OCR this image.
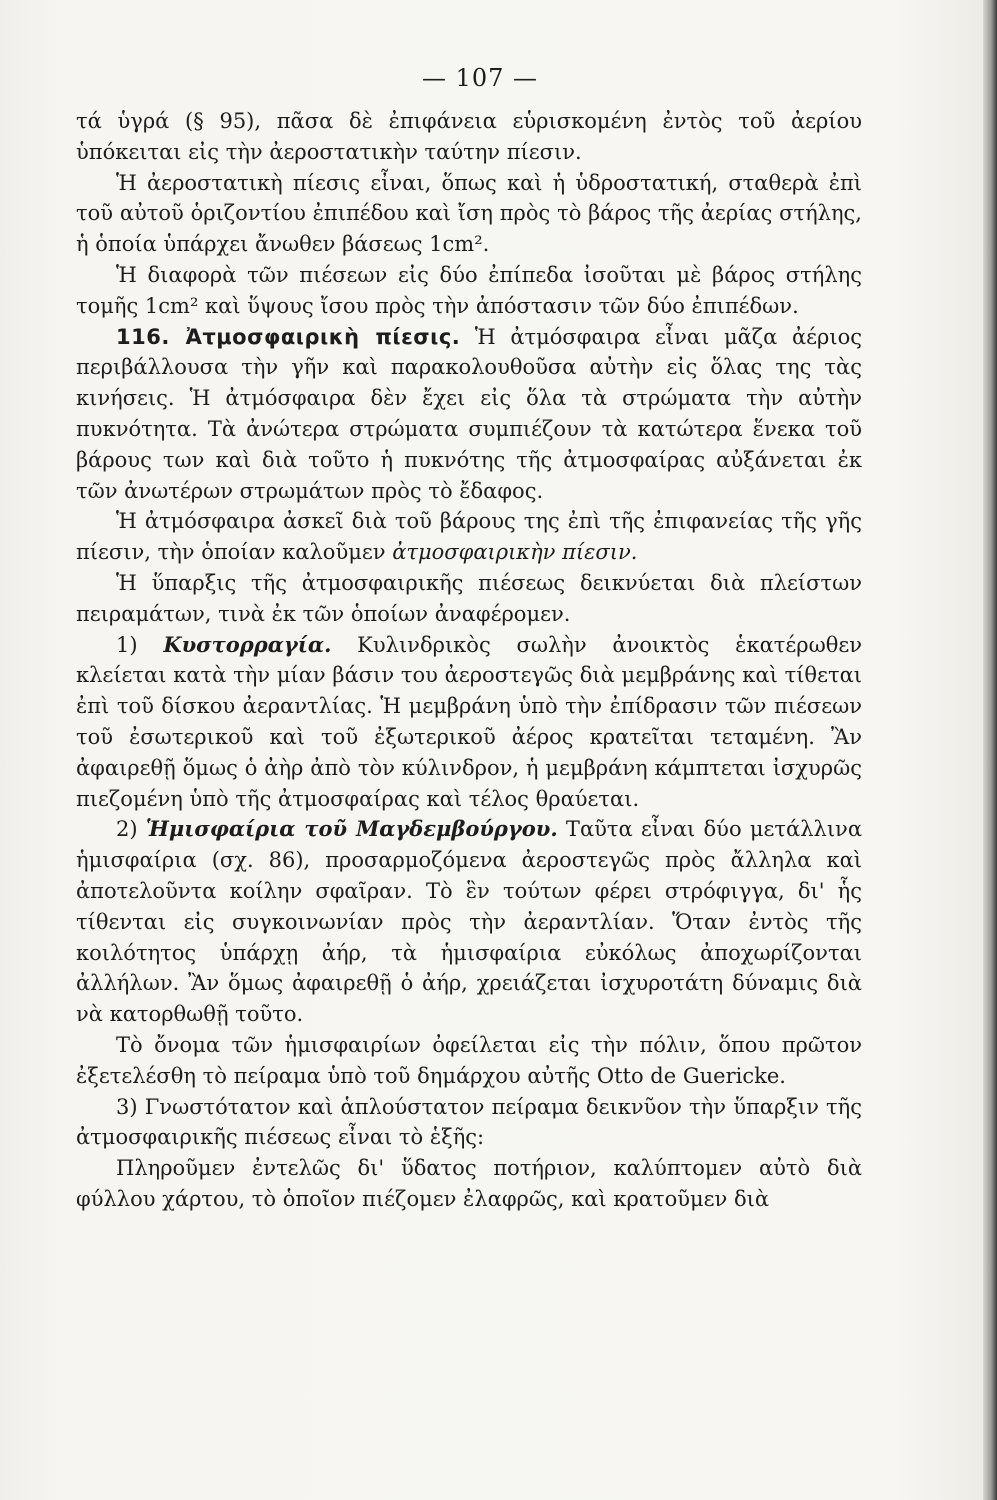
— 107 —

τά ὑγρά (§ 95), πᾶσα δὲ ἐπιφάνεια εὑρισκομένη ἐντὸς τοῦ ἀερίου ὑπόκειται εἰς τὴν ἀεροστατικὴν ταύτην πίεσιν.

Ἡ ἀεροστατικὴ πίεσις εἶναι, ὅπως καὶ ἡ ὑδροστατική, σταθερὰ ἐπὶ τοῦ αὐτοῦ ὁριζοντίου ἐπιπέδου καὶ ἴση πρὸς τὸ βάρος τῆς ἀερίας στήλης, ἡ ὁποία ὑπάρχει ἄνωθεν βάσεως 1cm².

Ἡ διαφορὰ τῶν πιέσεων εἰς δύο ἐπίπεδα ἰσοῦται μὲ βάρος στήλης τομῆς 1cm² καὶ ὕψους ἴσου πρὸς τὴν ἀπόστασιν τῶν δύο ἐπιπέδων.

116. Ἀτμοσφαιρικὴ πίεσις. Ἡ ἀτμόσφαιρα εἶναι μᾶζα ἀέριος περιβάλλουσα τὴν γῆν καὶ παρακολουθοῦσα αὐτὴν εἰς ὅλας της τὰς κινήσεις. Ἡ ἀτμόσφαιρα δὲν ἔχει εἰς ὅλα τὰ στρώματα τὴν αὐτὴν πυκνότητα. Τὰ ἀνώτερα στρώματα συμπιέζουν τὰ κατώτερα ἕνεκα τοῦ βάρους των καὶ διὰ τοῦτο ἡ πυκνότης τῆς ἀτμοσφαίρας αὐξάνεται ἐκ τῶν ἀνωτέρων στρωμάτων πρὸς τὸ ἔδαφος.

Ἡ ἀτμόσφαιρα ἀσκεῖ διὰ τοῦ βάρους της ἐπὶ τῆς ἐπιφανείας τῆς γῆς πίεσιν, τὴν ὁποίαν καλοῦμεν ἀτμοσφαιρικὴν πίεσιν.

Ἡ ὕπαρξις τῆς ἀτμοσφαιρικῆς πιέσεως δεικνύεται διὰ πλείστων πειραμάτων, τινὰ ἐκ τῶν ὁποίων ἀναφέρομεν.

1) Κυστορραγία. Κυλινδρικὸς σωλὴν ἀνοικτὸς ἑκατέρωθεν κλείεται κατὰ τὴν μίαν βάσιν του ἀεροστεγῶς διὰ μεμβράνης καὶ τίθεται ἐπὶ τοῦ δίσκου ἀεραντλίας. Ἡ μεμβράνη ὑπὸ τὴν ἐπίδρασιν τῶν πιέσεων τοῦ ἐσωτερικοῦ καὶ τοῦ ἐξωτερικοῦ ἀέρος κρατεῖται τεταμένη. Ἂν ἀφαιρεθῇ ὅμως ὁ ἀὴρ ἀπὸ τὸν κύλινδρον, ἡ μεμβράνη κάμπτεται ἰσχυρῶς πιεζομένη ὑπὸ τῆς ἀτμοσφαίρας καὶ τέλος θραύεται.

2) Ἡμισφαίρια τοῦ Μαγδεμβούργου. Ταῦτα εἶναι δύο μετάλλινα ἡμισφαίρια (σχ. 86), προσαρμοζόμενα ἀεροστεγῶς πρὸς ἄλληλα καὶ ἀποτελοῦντα κοίλην σφαῖραν. Τὸ ἓν τούτων φέρει στρόφιγγα, δι' ἧς τίθενται εἰς συγκοινωνίαν πρὸς τὴν ἀεραντλίαν. Ὅταν ἐντὸς τῆς κοιλότητος ὑπάρχῃ ἀήρ, τὰ ἡμισφαίρια εὐκόλως ἀποχωρίζονται ἀλλήλων. Ἂν ὅμως ἀφαιρεθῇ ὁ ἀήρ, χρειάζεται ἰσχυροτάτη δύναμις διὰ νὰ κατορθωθῇ τοῦτο.

Τὸ ὄνομα τῶν ἡμισφαιρίων ὀφείλεται εἰς τὴν πόλιν, ὅπου πρῶτον ἐξετελέσθη τὸ πείραμα ὑπὸ τοῦ δημάρχου αὐτῆς Otto de Guericke.

3) Γνωστότατον καὶ ἁπλούστατον πείραμα δεικνῦον τὴν ὕπαρξιν τῆς ἀτμοσφαιρικῆς πιέσεως εἶναι τὸ ἑξῆς:

Πληροῦμεν ἐντελῶς δι' ὕδατος ποτήριον, καλύπτομεν αὐτὸ διὰ φύλλου χάρτου, τὸ ὁποῖον πιέζομεν ἐλαφρῶς, καὶ κρατοῦμεν διὰ
